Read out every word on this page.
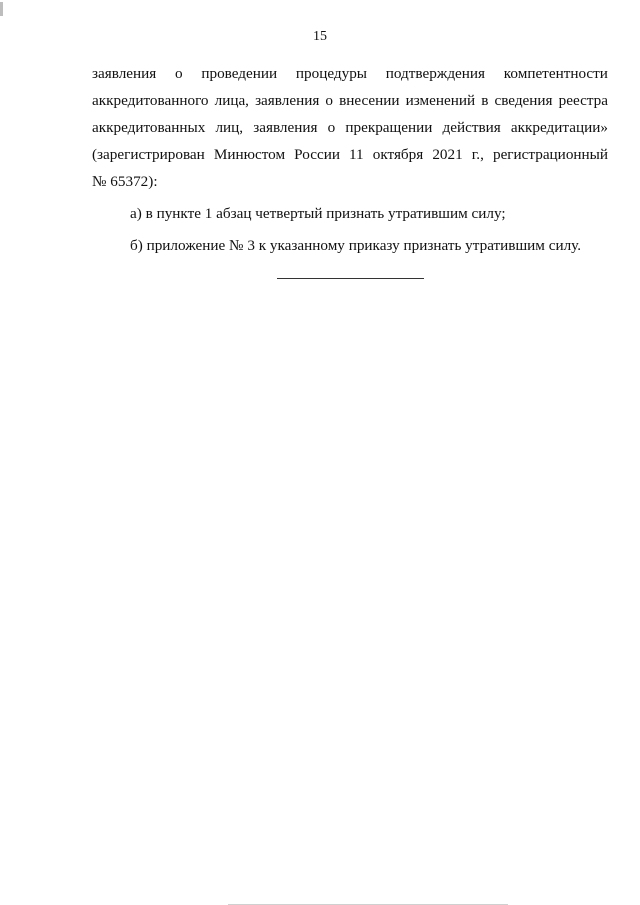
15
заявления о проведении процедуры подтверждения компетентности
аккредитованного лица, заявления о внесении изменений в сведения реестра
аккредитованных лиц, заявления о прекращении действия аккредитации»
(зарегистрирован Минюстом России 11 октября 2021 г., регистрационный
№ 65372):
а) в пункте 1 абзац четвертый признать утратившим силу;
б) приложение № 3 к указанному приказу признать утратившим силу.
